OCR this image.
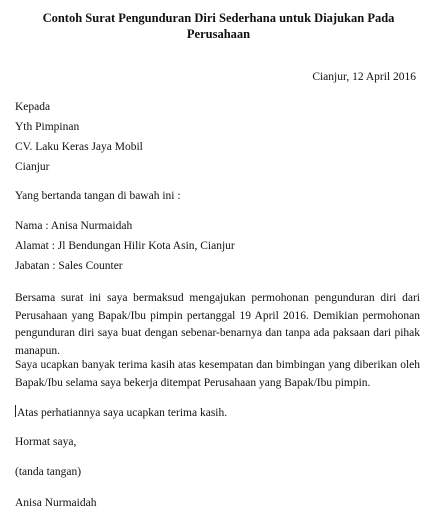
Contoh Surat Pengunduran Diri Sederhana untuk Diajukan Pada
Perusahaan
Cianjur, 12 April 2016
Kepada
Yth Pimpinan
CV. Laku Keras Jaya Mobil
Cianjur
Yang bertanda tangan di bawah ini :
Nama : Anisa Nurmaidah
Alamat : Jl Bendungan Hilir Kota Asin, Cianjur
Jabatan : Sales Counter

Bersama surat ini saya bermaksud mengajukan permohonan pengunduran diri dari Perusahaan yang Bapak/Ibu pimpin pertanggal 19 April 2016. Demikian permohonan pengunduran diri saya buat dengan sebenar-benarnya dan tanpa ada paksaan dari pihak manapun.

Saya ucapkan banyak terima kasih atas kesempatan dan bimbingan yang diberikan oleh Bapak/Ibu selama saya bekerja ditempat Perusahaan yang Bapak/Ibu pimpin.

Atas perhatiannya saya ucapkan terima kasih.
Hormat saya,
(tanda tangan)
Anisa Nurmaidah
